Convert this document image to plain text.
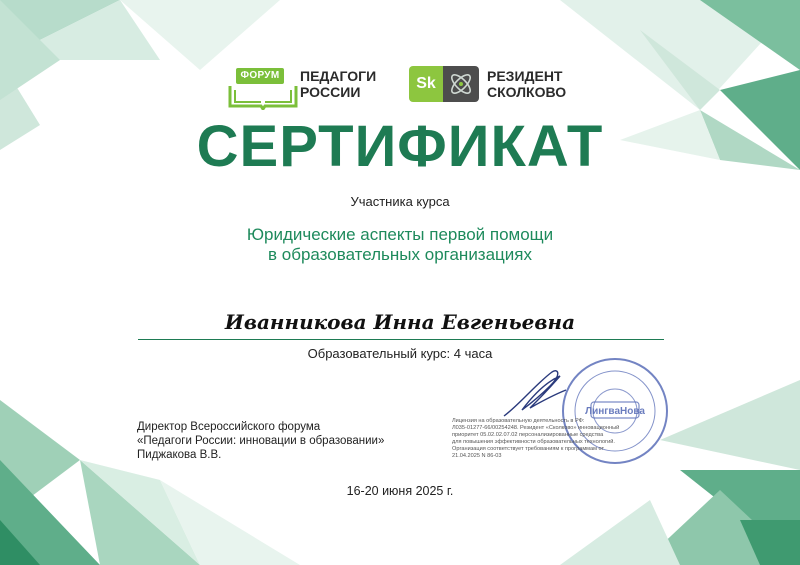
ФОРУМ	ПЕДАГОГИ
РОССИИ	Sk	РЕЗИДЕНТ
СКОЛКОВО
СЕРТИФИКАТ
Участника курса
Юридические аспекты первой помощи
в образовательных организациях
Иванникова Инна Евгеньевна
Образовательный курс: 4 часа
ЛингваНова
Директор Всероссийского форума
«Педагоги России: инновации в образовании»
Пиджакова В.В.
Лицензия на образовательную деятельность в РФ:
Л035-01277-66/00254248. Резидент «Сколково» инновационный
приоритет 05.02.02.07.02 персонализированные средства
для повышения эффективности образовательных технологий.
Организация соответствует требованиям к программам от
21.04.2025 N 86-03
16-20 июня 2025 г.
